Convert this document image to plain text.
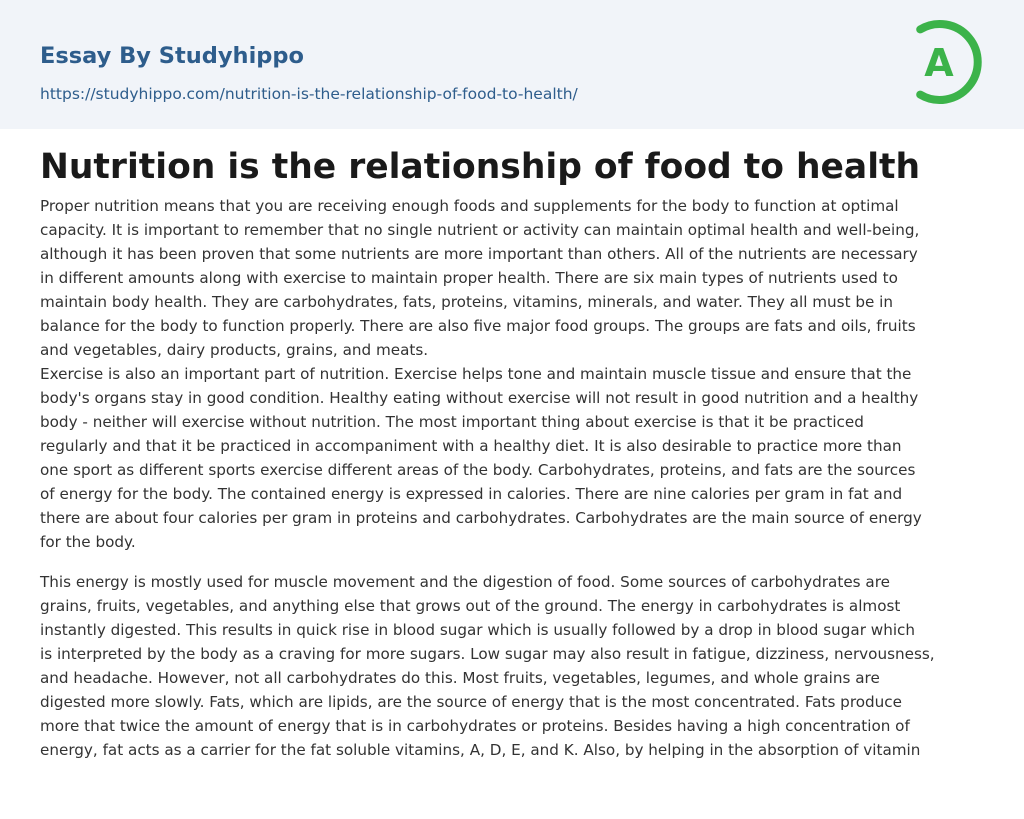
Essay By Studyhippo
https://studyhippo.com/nutrition-is-the-relationship-of-food-to-health/
A
Nutrition is the relationship of food to health

Proper nutrition means that you are receiving enough foods and supplements for the body to function at optimal
capacity. It is important to remember that no single nutrient or activity can maintain optimal health and well-being,
although it has been proven that some nutrients are more important than others. All of the nutrients are necessary
in different amounts along with exercise to maintain proper health. There are six main types of nutrients used to
maintain body health. They are carbohydrates, fats, proteins, vitamins, minerals, and water. They all must be in
balance for the body to function properly. There are also five major food groups. The groups are fats and oils, fruits
and vegetables, dairy products, grains, and meats.

Exercise is also an important part of nutrition. Exercise helps tone and maintain muscle tissue and ensure that the
body's organs stay in good condition. Healthy eating without exercise will not result in good nutrition and a healthy
body - neither will exercise without nutrition. The most important thing about exercise is that it be practiced
regularly and that it be practiced in accompaniment with a healthy diet. It is also desirable to practice more than
one sport as different sports exercise different areas of the body. Carbohydrates, proteins, and fats are the sources
of energy for the body. The contained energy is expressed in calories. There are nine calories per gram in fat and
there are about four calories per gram in proteins and carbohydrates. Carbohydrates are the main source of energy
for the body.

This energy is mostly used for muscle movement and the digestion of food. Some sources of carbohydrates are
grains, fruits, vegetables, and anything else that grows out of the ground. The energy in carbohydrates is almost
instantly digested. This results in quick rise in blood sugar which is usually followed by a drop in blood sugar which
is interpreted by the body as a craving for more sugars. Low sugar may also result in fatigue, dizziness, nervousness,
and headache. However, not all carbohydrates do this. Most fruits, vegetables, legumes, and whole grains are
digested more slowly. Fats, which are lipids, are the source of energy that is the most concentrated. Fats produce
more that twice the amount of energy that is in carbohydrates or proteins. Besides having a high concentration of
energy, fat acts as a carrier for the fat soluble vitamins, A, D, E, and K. Also, by helping in the absorption of vitamin
